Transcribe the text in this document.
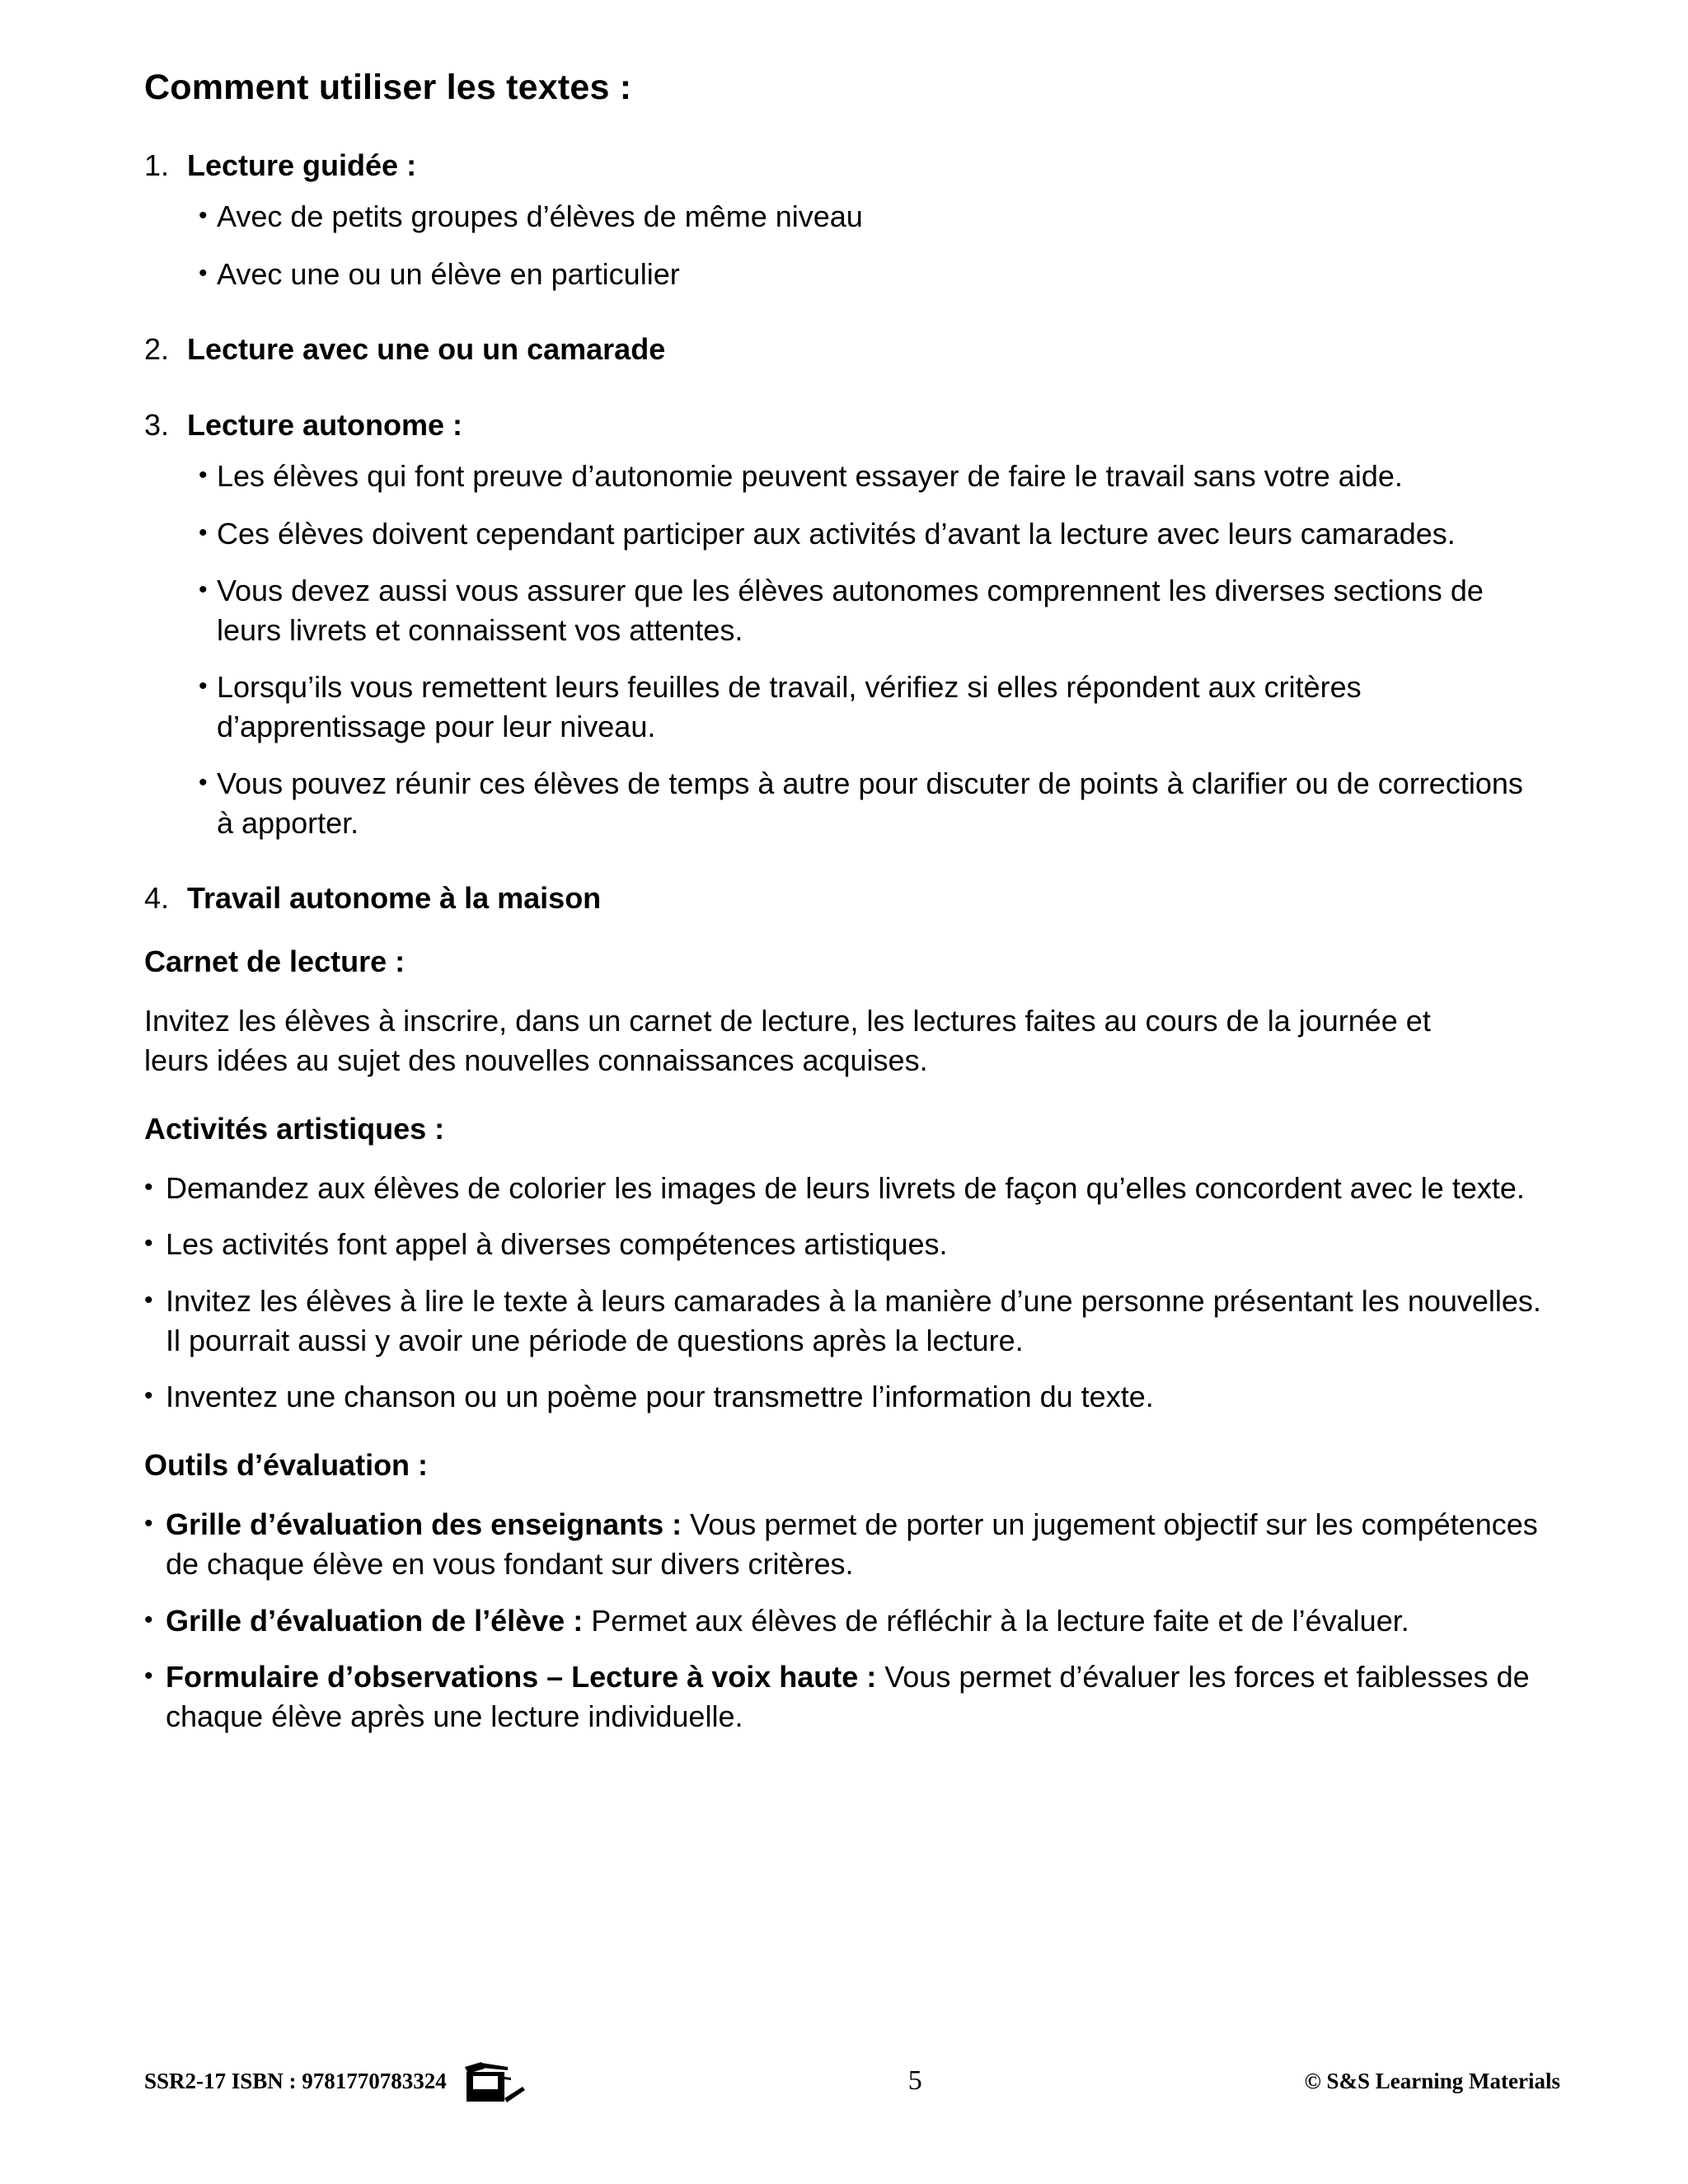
Comment utiliser les textes :
1. Lecture guidée :
• Avec de petits groupes d’élèves de même niveau
• Avec une ou un élève en particulier
2. Lecture avec une ou un camarade
3. Lecture autonome :
• Les élèves qui font preuve d’autonomie peuvent essayer de faire le travail sans votre aide.
• Ces élèves doivent cependant participer aux activités d’avant la lecture avec leurs camarades.
• Vous devez aussi vous assurer que les élèves autonomes comprennent les diverses sections de leurs livrets et connaissent vos attentes.
• Lorsqu’ils vous remettent leurs feuilles de travail, vérifiez si elles répondent aux critères d’apprentissage pour leur niveau.
• Vous pouvez réunir ces élèves de temps à autre pour discuter de points à clarifier ou de corrections à apporter.
4. Travail autonome à la maison
Carnet de lecture :

Invitez les élèves à inscrire, dans un carnet de lecture, les lectures faites au cours de la journée et leurs idées au sujet des nouvelles connaissances acquises.

Activités artistiques :
• Demandez aux élèves de colorier les images de leurs livrets de façon qu’elles concordent avec le texte.
• Les activités font appel à diverses compétences artistiques.
• Invitez les élèves à lire le texte à leurs camarades à la manière d’une personne présentant les nouvelles. Il pourrait aussi y avoir une période de questions après la lecture.
• Inventez une chanson ou un poème pour transmettre l’information du texte.
Outils d’évaluation :
• Grille d’évaluation des enseignants : Vous permet de porter un jugement objectif sur les compétences de chaque élève en vous fondant sur divers critères.
• Grille d’évaluation de l’élève : Permet aux élèves de réfléchir à la lecture faite et de l’évaluer.
• Formulaire d’observations – Lecture à voix haute : Vous permet d’évaluer les forces et faiblesses de chaque élève après une lecture individuelle.
SSR2-17 ISBN : 9781770783324	5	© S&S Learning Materials
